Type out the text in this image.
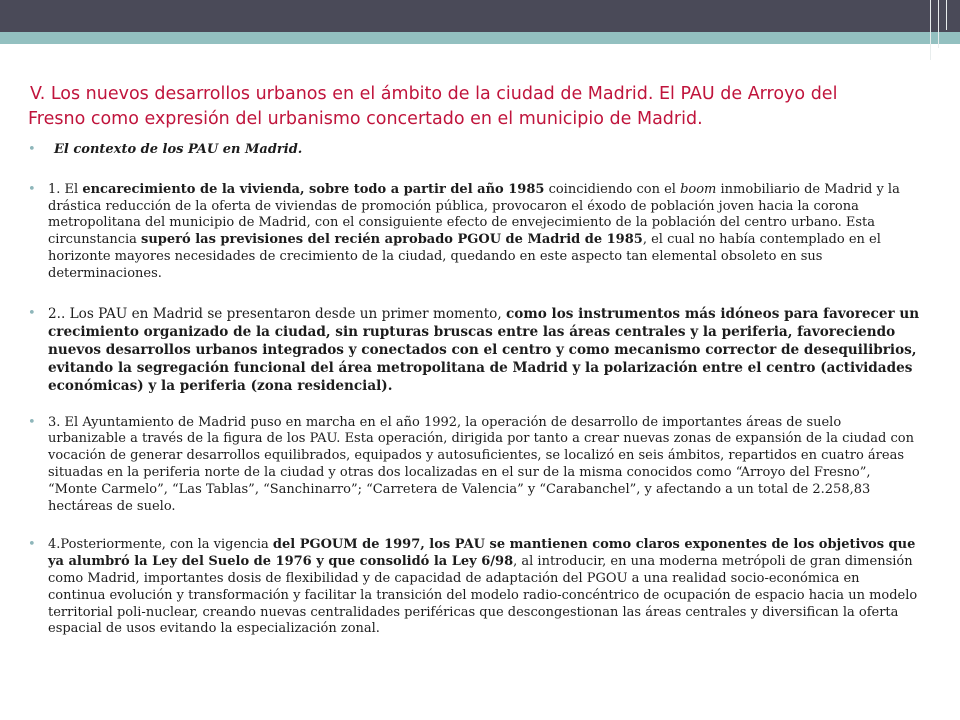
V. Los nuevos desarrollos urbanos en el ámbito de la ciudad de Madrid. El PAU de Arroyo del
Fresno como expresión del urbanismo concertado en el municipio de Madrid.
• El contexto de los PAU en Madrid.
• 1. El encarecimiento de la vivienda, sobre todo a partir del año 1985 coincidiendo con el boom inmobiliario de Madrid y la drástica reducción de la oferta de viviendas de promoción pública, provocaron el éxodo de población joven hacia la corona metropolitana del municipio de Madrid, con el consiguiente efecto de envejecimiento de la población del centro urbano. Esta circunstancia superó las previsiones del recién aprobado PGOU de Madrid de 1985, el cual no había contemplado en el horizonte mayores necesidades de crecimiento de la ciudad, quedando en este aspecto tan elemental obsoleto en sus determinaciones.
• 2.. Los PAU en Madrid se presentaron desde un primer momento, como los instrumentos más idóneos para favorecer un crecimiento organizado de la ciudad, sin rupturas bruscas entre las áreas centrales y la periferia, favoreciendo nuevos desarrollos urbanos integrados y conectados con el centro y como mecanismo corrector de desequilibrios, evitando la segregación funcional del área metropolitana de Madrid y la polarización entre el centro (actividades económicas) y la periferia (zona residencial).
• 3. El Ayuntamiento de Madrid puso en marcha en el año 1992, la operación de desarrollo de importantes áreas de suelo urbanizable a través de la figura de los PAU. Esta operación, dirigida por tanto a crear nuevas zonas de expansión de la ciudad con vocación de generar desarrollos equilibrados, equipados y autosuficientes, se localizó en seis ámbitos, repartidos en cuatro áreas situadas en la periferia norte de la ciudad y otras dos localizadas en el sur de la misma conocidos como “Arroyo del Fresno”, “Monte Carmelo”, “Las Tablas”, “Sanchinarro”; “Carretera de Valencia” y “Carabanchel”, y afectando a un total de 2.258,83 hectáreas de suelo.
• 4.Posteriormente, con la vigencia del PGOUM de 1997, los PAU se mantienen como claros exponentes de los objetivos que ya alumbró la Ley del Suelo de 1976 y que consolidó la Ley 6/98, al introducir, en una moderna metrópoli de gran dimensión como Madrid, importantes dosis de flexibilidad y de capacidad de adaptación del PGOU a una realidad socio-económica en continua evolución y transformación y facilitar la transición del modelo radio-concéntrico de ocupación de espacio hacia un modelo territorial poli-nuclear, creando nuevas centralidades periféricas que descongestionan las áreas centrales y diversifican la oferta espacial de usos evitando la especialización zonal.
